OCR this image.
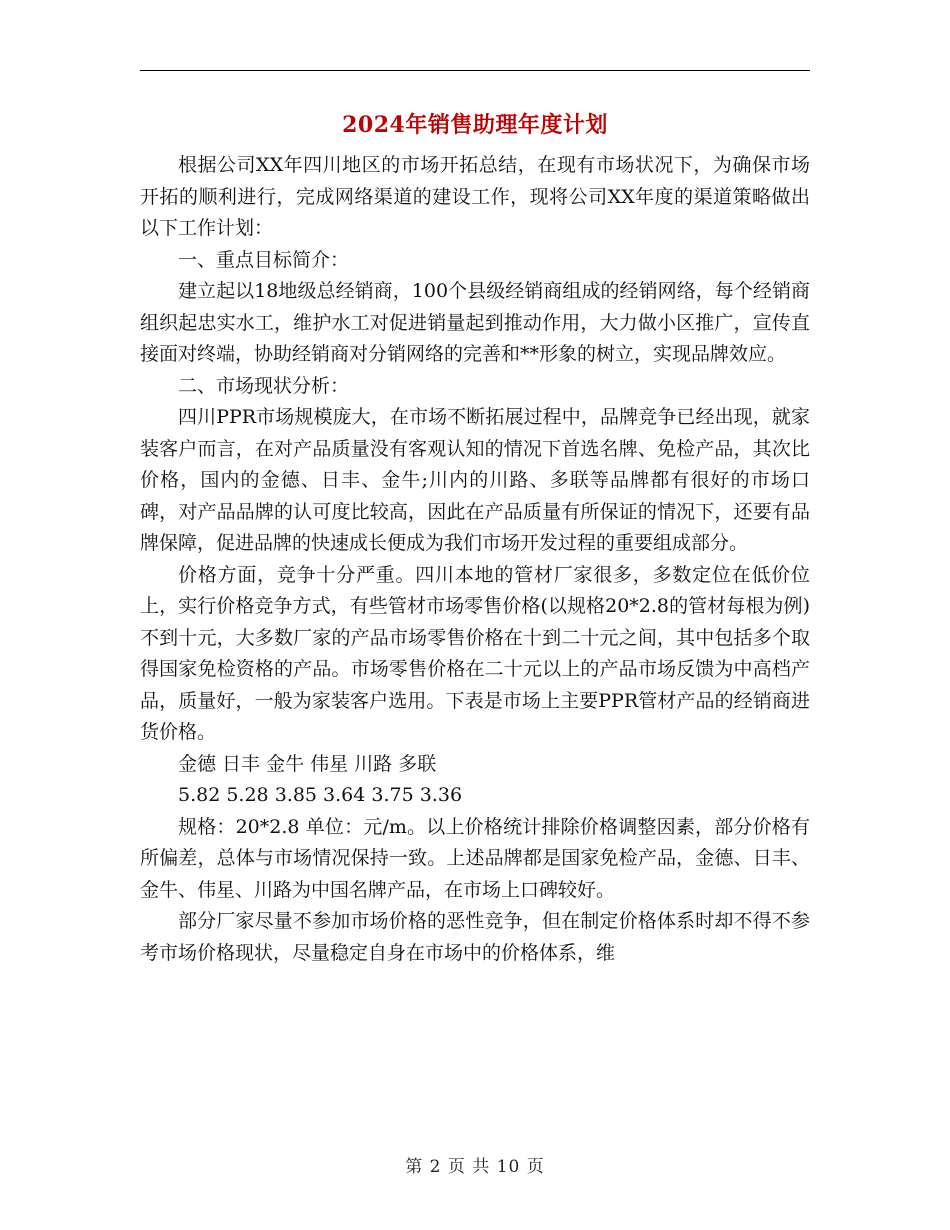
2024年销售助理年度计划

根据公司XX年四川地区的市场开拓总结，在现有市场状况下，为确保市场开拓的顺利进行，完成网络渠道的建设工作，现将公司XX年度的渠道策略做出以下工作计划：

一、重点目标简介：

建立起以18地级总经销商，100个县级经销商组成的经销网络，每个经销商组织起忠实水工，维护水工对促进销量起到推动作用，大力做小区推广，宣传直接面对终端，协助经销商对分销网络的完善和**形象的树立，实现品牌效应。

二、市场现状分析：

四川PPR市场规模庞大，在市场不断拓展过程中，品牌竞争已经出现，就家装客户而言，在对产品质量没有客观认知的情况下首选名牌、免检产品，其次比价格，国内的金德、日丰、金牛;川内的川路、多联等品牌都有很好的市场口碑，对产品品牌的认可度比较高，因此在产品质量有所保证的情况下，还要有品牌保障，促进品牌的快速成长便成为我们市场开发过程的重要组成部分。

价格方面，竞争十分严重。四川本地的管材厂家很多，多数定位在低价位上，实行价格竞争方式，有些管材市场零售价格(以规格20*2.8的管材每根为例)不到十元，大多数厂家的产品市场零售价格在十到二十元之间，其中包括多个取得国家免检资格的产品。市场零售价格在二十元以上的产品市场反馈为中高档产品，质量好，一般为家装客户选用。下表是市场上主要PPR管材产品的经销商进货价格。

金德 日丰 金牛 伟星 川路 多联

5.82 5.28 3.85 3.64 3.75 3.36

规格：20*2.8 单位：元/m。以上价格统计排除价格调整因素，部分价格有所偏差，总体与市场情况保持一致。上述品牌都是国家免检产品，金德、日丰、金牛、伟星、川路为中国名牌产品，在市场上口碑较好。

部分厂家尽量不参加市场价格的恶性竞争，但在制定价格体系时却不得不参考市场价格现状，尽量稳定自身在市场中的价格体系，维

第 2 页 共 10 页
